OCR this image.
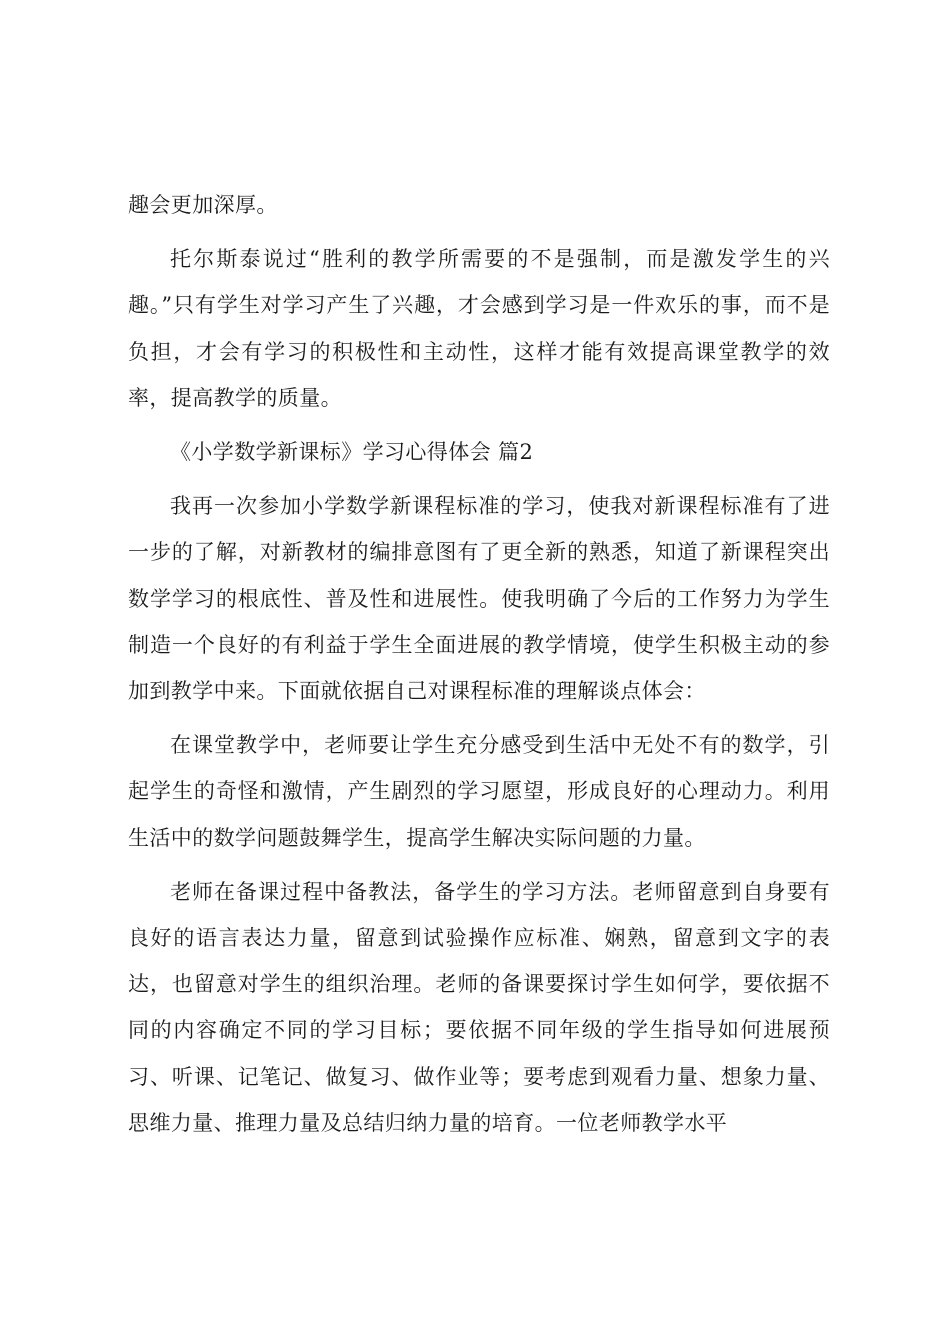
趣会更加深厚。

托尔斯泰说过“胜利的教学所需要的不是强制，而是激发学生的兴趣。”只有学生对学习产生了兴趣，才会感到学习是一件欢乐的事，而不是负担，才会有学习的积极性和主动性，这样才能有效提高课堂教学的效率，提高教学的质量。

《小学数学新课标》学习心得体会 篇2

我再一次参加小学数学新课程标准的学习，使我对新课程标准有了进一步的了解，对新教材的编排意图有了更全新的熟悉，知道了新课程突出数学学习的根底性、普及性和进展性。使我明确了今后的工作努力为学生制造一个良好的有利益于学生全面进展的教学情境，使学生积极主动的参加到教学中来。下面就依据自己对课程标准的理解谈点体会：

在课堂教学中，老师要让学生充分感受到生活中无处不有的数学，引起学生的奇怪和激情，产生剧烈的学习愿望，形成良好的心理动力。利用生活中的数学问题鼓舞学生，提高学生解决实际问题的力量。

老师在备课过程中备教法，备学生的学习方法。老师留意到自身要有良好的语言表达力量，留意到试验操作应标准、娴熟，留意到文字的表达，也留意对学生的组织治理。老师的备课要探讨学生如何学，要依据不同的内容确定不同的学习目标；要依据不同年级的学生指导如何进展预习、听课、记笔记、做复习、做作业等；要考虑到观看力量、想象力量、思维力量、推理力量及总结归纳力量的培育。一位老师教学水平
